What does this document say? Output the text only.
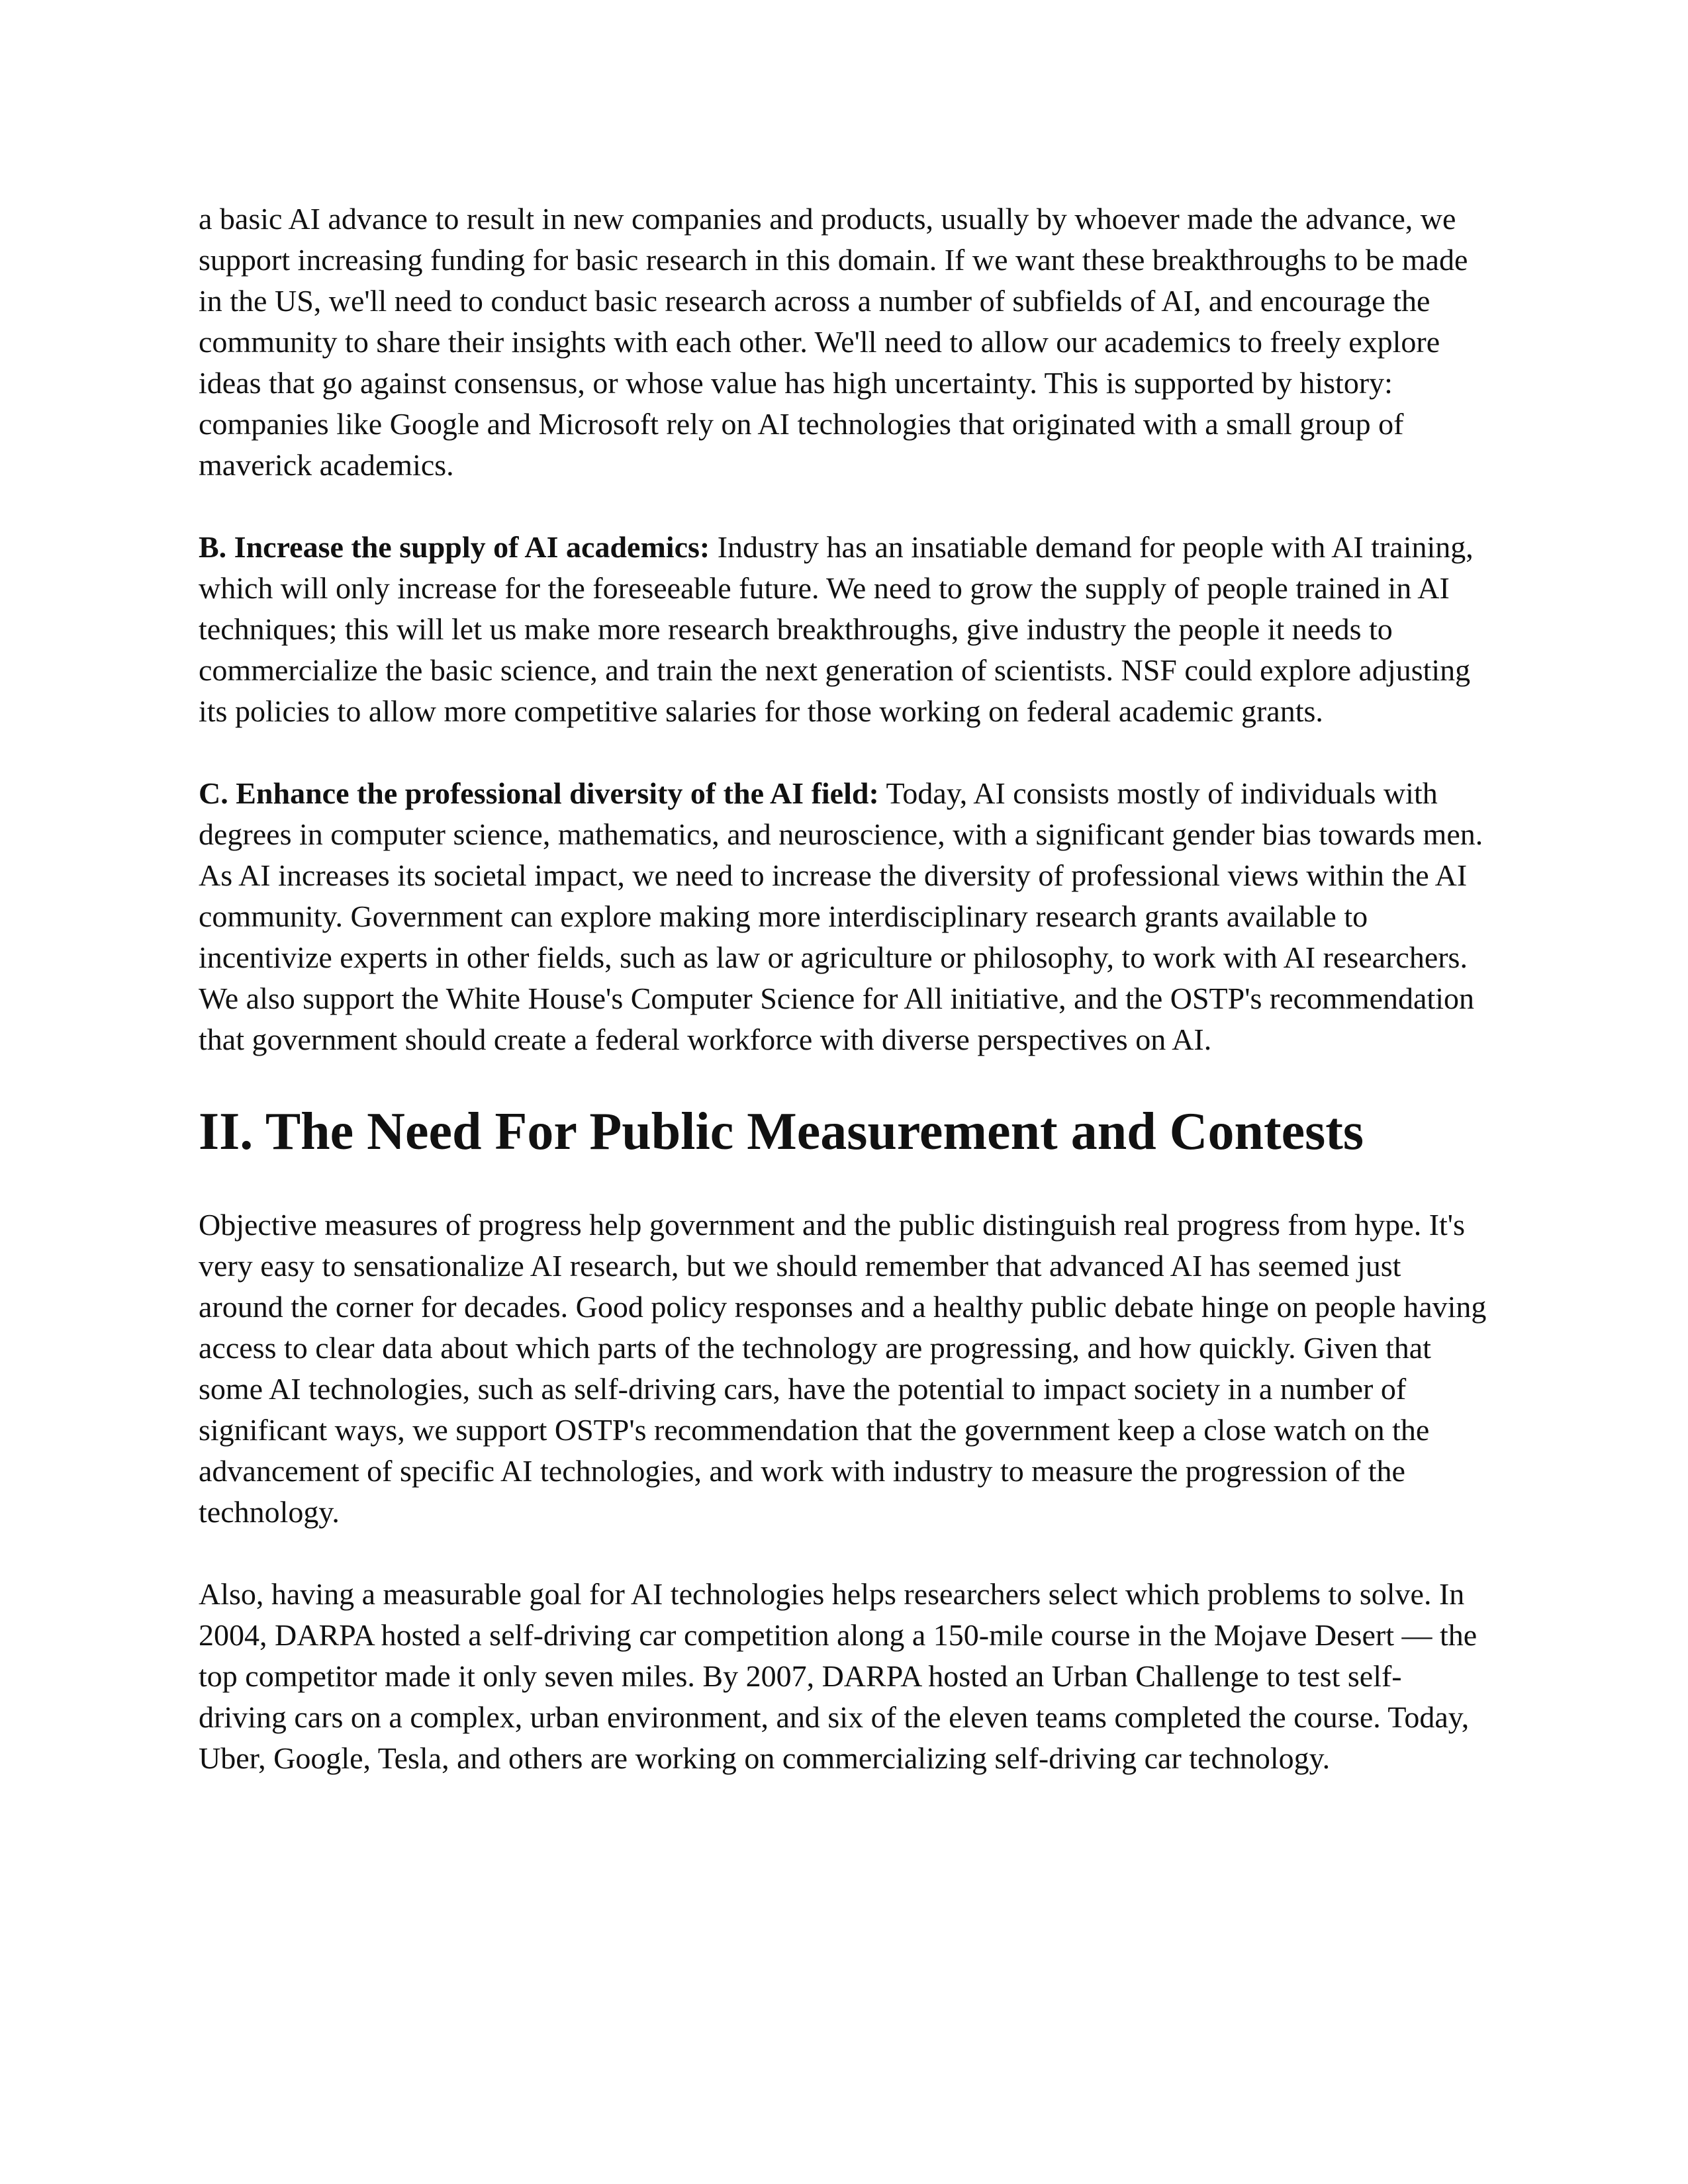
a basic AI advance to result in new companies and products, usually by whoever made the advance, we support increasing funding for basic research in this domain. If we want these breakthroughs to be made in the US, we'll need to conduct basic research across a number of subfields of AI, and encourage the community to share their insights with each other. We'll need to allow our academics to freely explore ideas that go against consensus, or whose value has high uncertainty. This is supported by history: companies like Google and Microsoft rely on AI technologies that originated with a small group of maverick academics.

B. Increase the supply of AI academics: Industry has an insatiable demand for people with AI training, which will only increase for the foreseeable future. We need to grow the supply of people trained in AI techniques; this will let us make more research breakthroughs, give industry the people it needs to commercialize the basic science, and train the next generation of scientists. NSF could explore adjusting its policies to allow more competitive salaries for those working on federal academic grants.

C. Enhance the professional diversity of the AI field: Today, AI consists mostly of individuals with degrees in computer science, mathematics, and neuroscience, with a significant gender bias towards men. As AI increases its societal impact, we need to increase the diversity of professional views within the AI community. Government can explore making more interdisciplinary research grants available to incentivize experts in other fields, such as law or agriculture or philosophy, to work with AI researchers. We also support the White House's Computer Science for All initiative, and the OSTP's recommendation that government should create a federal workforce with diverse perspectives on AI.

II. The Need For Public Measurement and Contests

Objective measures of progress help government and the public distinguish real progress from hype. It's very easy to sensationalize AI research, but we should remember that advanced AI has seemed just around the corner for decades. Good policy responses and a healthy public debate hinge on people having access to clear data about which parts of the technology are progressing, and how quickly. Given that some AI technologies, such as self-driving cars, have the potential to impact society in a number of significant ways, we support OSTP's recommendation that the government keep a close watch on the advancement of specific AI technologies, and work with industry to measure the progression of the technology.

Also, having a measurable goal for AI technologies helps researchers select which problems to solve. In 2004, DARPA hosted a self-driving car competition along a 150-mile course in the Mojave Desert — the top competitor made it only seven miles. By 2007, DARPA hosted an Urban Challenge to test self-driving cars on a complex, urban environment, and six of the eleven teams completed the course. Today, Uber, Google, Tesla, and others are working on commercializing self-driving car technology.
